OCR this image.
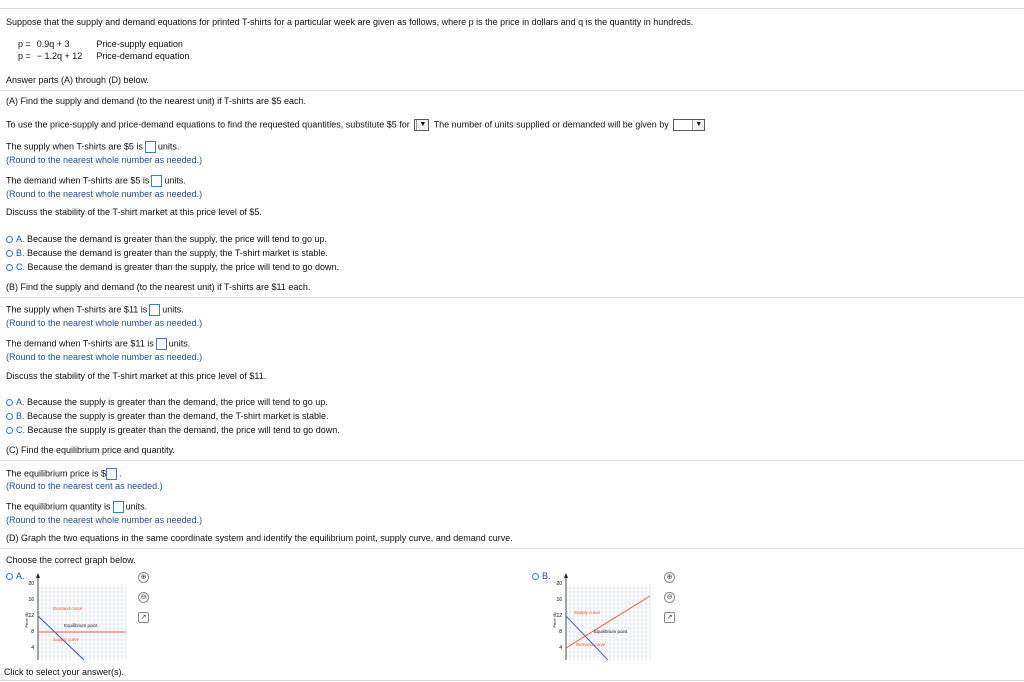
Suppose that the supply and demand equations for printed T-shirts for a particular week are given as follows, where p is the price in dollars and q is the quantity in hundreds.
p =	0.9q + 3	Price-supply equation
p =	− 1.2q + 12	Price-demand equation
Answer parts (A) through (D) below.
(A) Find the supply and demand (to the nearest unit) if T-shirts are $5 each.
To use the price-supply and price-demand equations to find the requested quantities, substitute $5 for	▼ The number of units supplied or demanded will be given by	▼
The supply when T-shirts are $5 is units.
(Round to the nearest whole number as needed.)
The demand when T-shirts are $5 is units.
(Round to the nearest whole number as needed.)
Discuss the stability of the T-shirt market at this price level of $5.
A. Because the demand is greater than the supply, the price will tend to go up.
B. Because the demand is greater than the supply, the T-shirt market is stable.
C. Because the demand is greater than the supply, the price will tend to go down.
(B) Find the supply and demand (to the nearest unit) if T-shirts are $11 each.
The supply when T-shirts are $11 is units.
(Round to the nearest whole number as needed.)
The demand when T-shirts are $11 is units.
(Round to the nearest whole number as needed.)
Discuss the stability of the T-shirt market at this price level of $11.
A. Because the supply is greater than the demand, the price will tend to go up.
B. Because the supply is greater than the demand, the T-shirt market is stable.
C. Because the supply is greater than the demand, the price will tend to go down.
(C) Find the equilibrium price and quantity.
The equilibrium price is $ .
(Round to the nearest cent as needed.)
The equilibrium quantity is units.
(Round to the nearest whole number as needed.)
(D) Graph the two equations in the same coordinate system and identify the equilibrium point, supply curve, and demand curve.
Choose the correct graph below.
A.
20
16
12
8
4
Price ($)
Demand curve
Equilibrium point
Supply curve
⊕
⊖
↗
B.
20
16
12
8
4
Price ($)	Supply curve
Equilibrium point
Demand curve
⊕
⊖
↗
Click to select your answer(s).
